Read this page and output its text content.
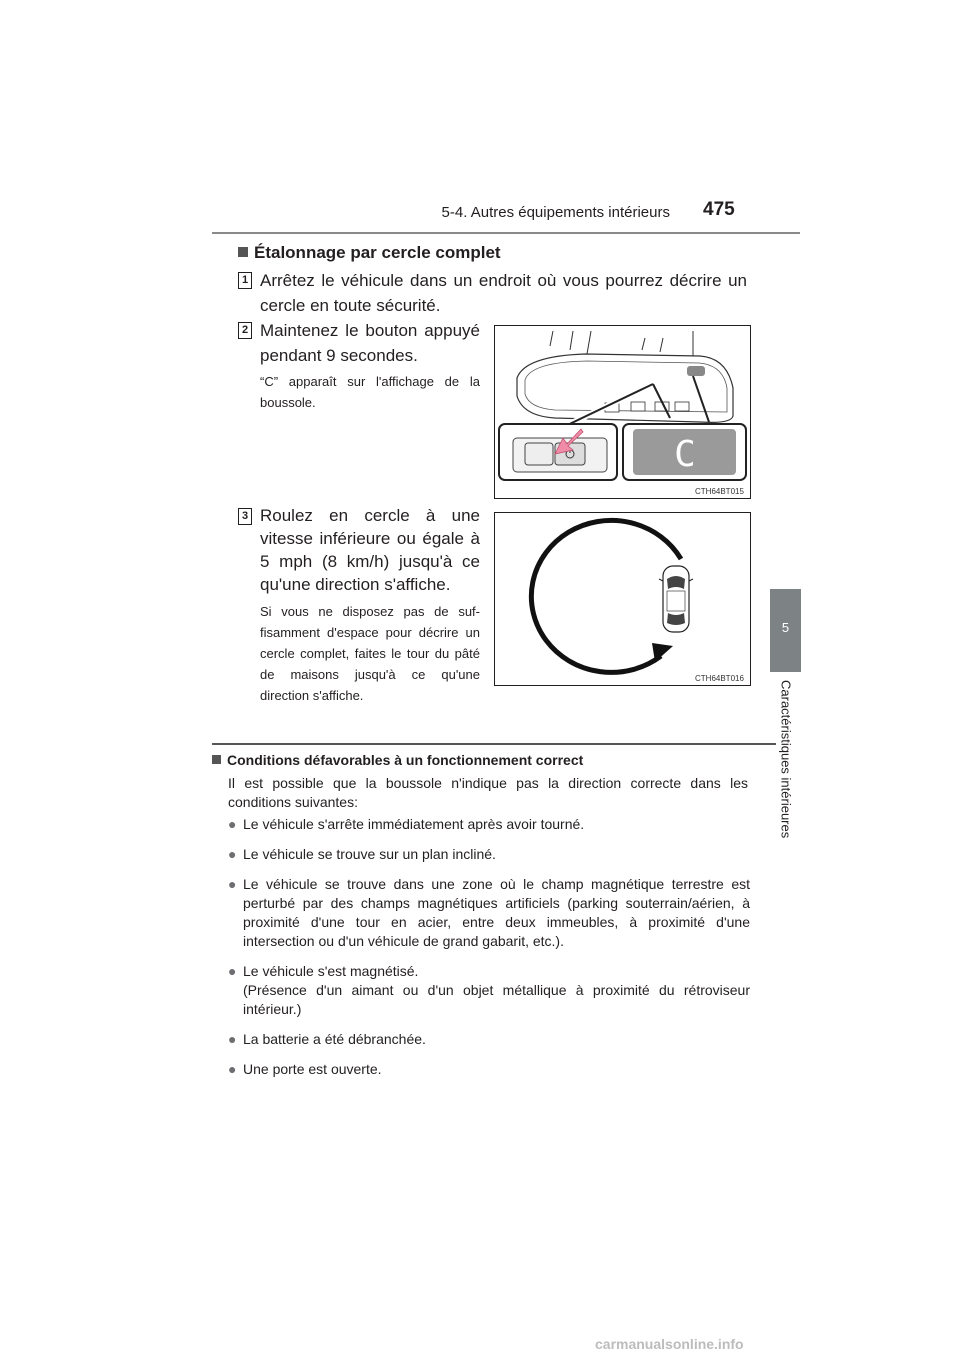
5-4. Autres équipements intérieurs 475
5
Caractéristiques intérieures
Étalonnage par cercle complet
1 Arrêtez le véhicule dans un endroit où vous pourrez décrire un cercle en toute sécurité.
2 Maintenez le bouton appuyé pendant 9 secondes.
“C” apparaît sur l'affichage de la boussole.
C
CTH64BT015
3 Roulez en cercle à une vitesse inférieure ou égale à 5 mph (8 km/h) jusqu'à ce qu'une direction s'affiche.
Si vous ne disposez pas de suf-fisamment d'espace pour décrire un cercle complet, faites le tour du pâté de maisons jusqu'à ce qu'une direction s'affiche.
CTH64BT016
Conditions défavorables à un fonctionnement correct
Il est possible que la boussole n'indique pas la direction correcte dans les conditions suivantes:
● Le véhicule s'arrête immédiatement après avoir tourné.
● Le véhicule se trouve sur un plan incliné.
● Le véhicule se trouve dans une zone où le champ magnétique terrestre est perturbé par des champs magnétiques artificiels (parking souterrain/aérien, à proximité d'une tour en acier, entre deux immeubles, à proximité d'une intersection ou d'un véhicule de grand gabarit, etc.).
● Le véhicule s'est magnétisé.
(Présence d'un aimant ou d'un objet métallique à proximité du rétroviseur intérieur.)
● La batterie a été débranchée.
● Une porte est ouverte.
carmanualsonline.info
